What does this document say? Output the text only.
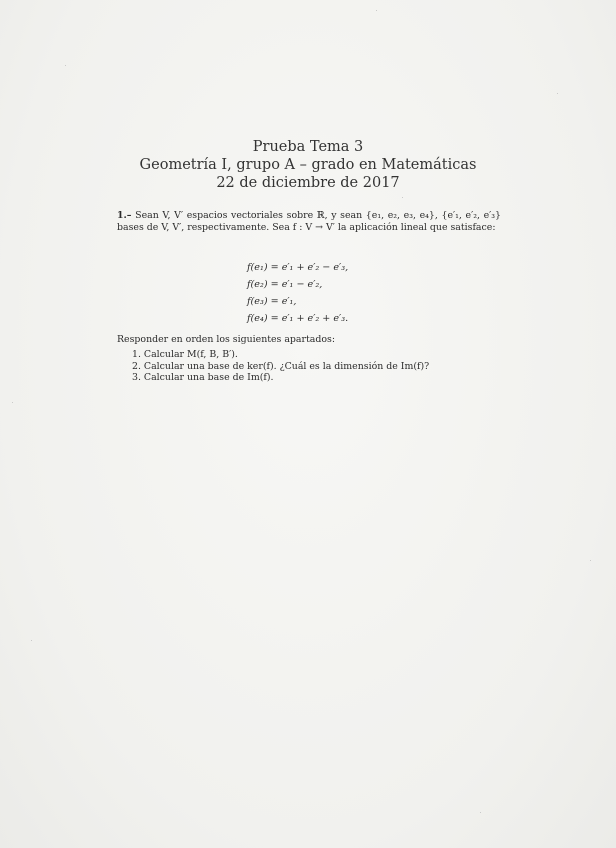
Prueba Tema 3
Geometría I, grupo A – grado en Matemáticas
22 de diciembre de 2017
1.– Sean V, V′ espacios vectoriales sobre ℝ, y sean {e₁, e₂, e₃, e₄}, {e′₁, e′₂, e′₃} bases de V, V′, respectivamente. Sea f : V → V′ la aplicación lineal que satisface:
f(e₁) = e′₁ + e′₂ − e′₃,
f(e₂) = e′₁ − e′₂,
f(e₃) = e′₁,
f(e₄) = e′₁ + e′₂ + e′₃.
Responder en orden los siguientes apartados:
1. Calcular M(f, B, B′).
2. Calcular una base de ker(f). ¿Cuál es la dimensión de Im(f)?
3. Calcular una base de Im(f).
